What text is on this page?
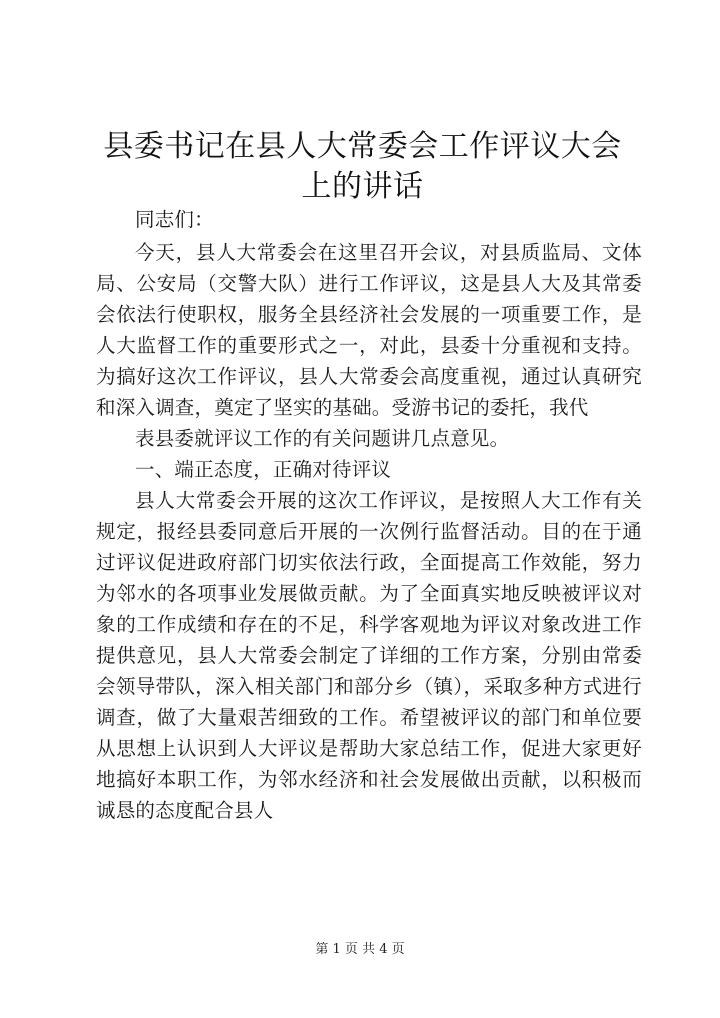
县委书记在县人大常委会工作评议大会上的讲话

同志们：

今天，县人大常委会在这里召开会议，对县质监局、文体局、公安局（交警大队）进行工作评议，这是县人大及其常委会依法行使职权，服务全县经济社会发展的一项重要工作，是人大监督工作的重要形式之一，对此，县委十分重视和支持。为搞好这次工作评议，县人大常委会高度重视，通过认真研究和深入调查，奠定了坚实的基础。受游书记的委托，我代

表县委就评议工作的有关问题讲几点意见。

一、端正态度，正确对待评议

县人大常委会开展的这次工作评议，是按照人大工作有关规定，报经县委同意后开展的一次例行监督活动。目的在于通过评议促进政府部门切实依法行政，全面提高工作效能，努力为邻水的各项事业发展做贡献。为了全面真实地反映被评议对象的工作成绩和存在的不足，科学客观地为评议对象改进工作提供意见，县人大常委会制定了详细的工作方案，分别由常委会领导带队，深入相关部门和部分乡（镇），采取多种方式进行调查，做了大量艰苦细致的工作。希望被评议的部门和单位要从思想上认识到人大评议是帮助大家总结工作，促进大家更好地搞好本职工作，为邻水经济和社会发展做出贡献，以积极而诚恳的态度配合县人

第 1 页 共 4 页
